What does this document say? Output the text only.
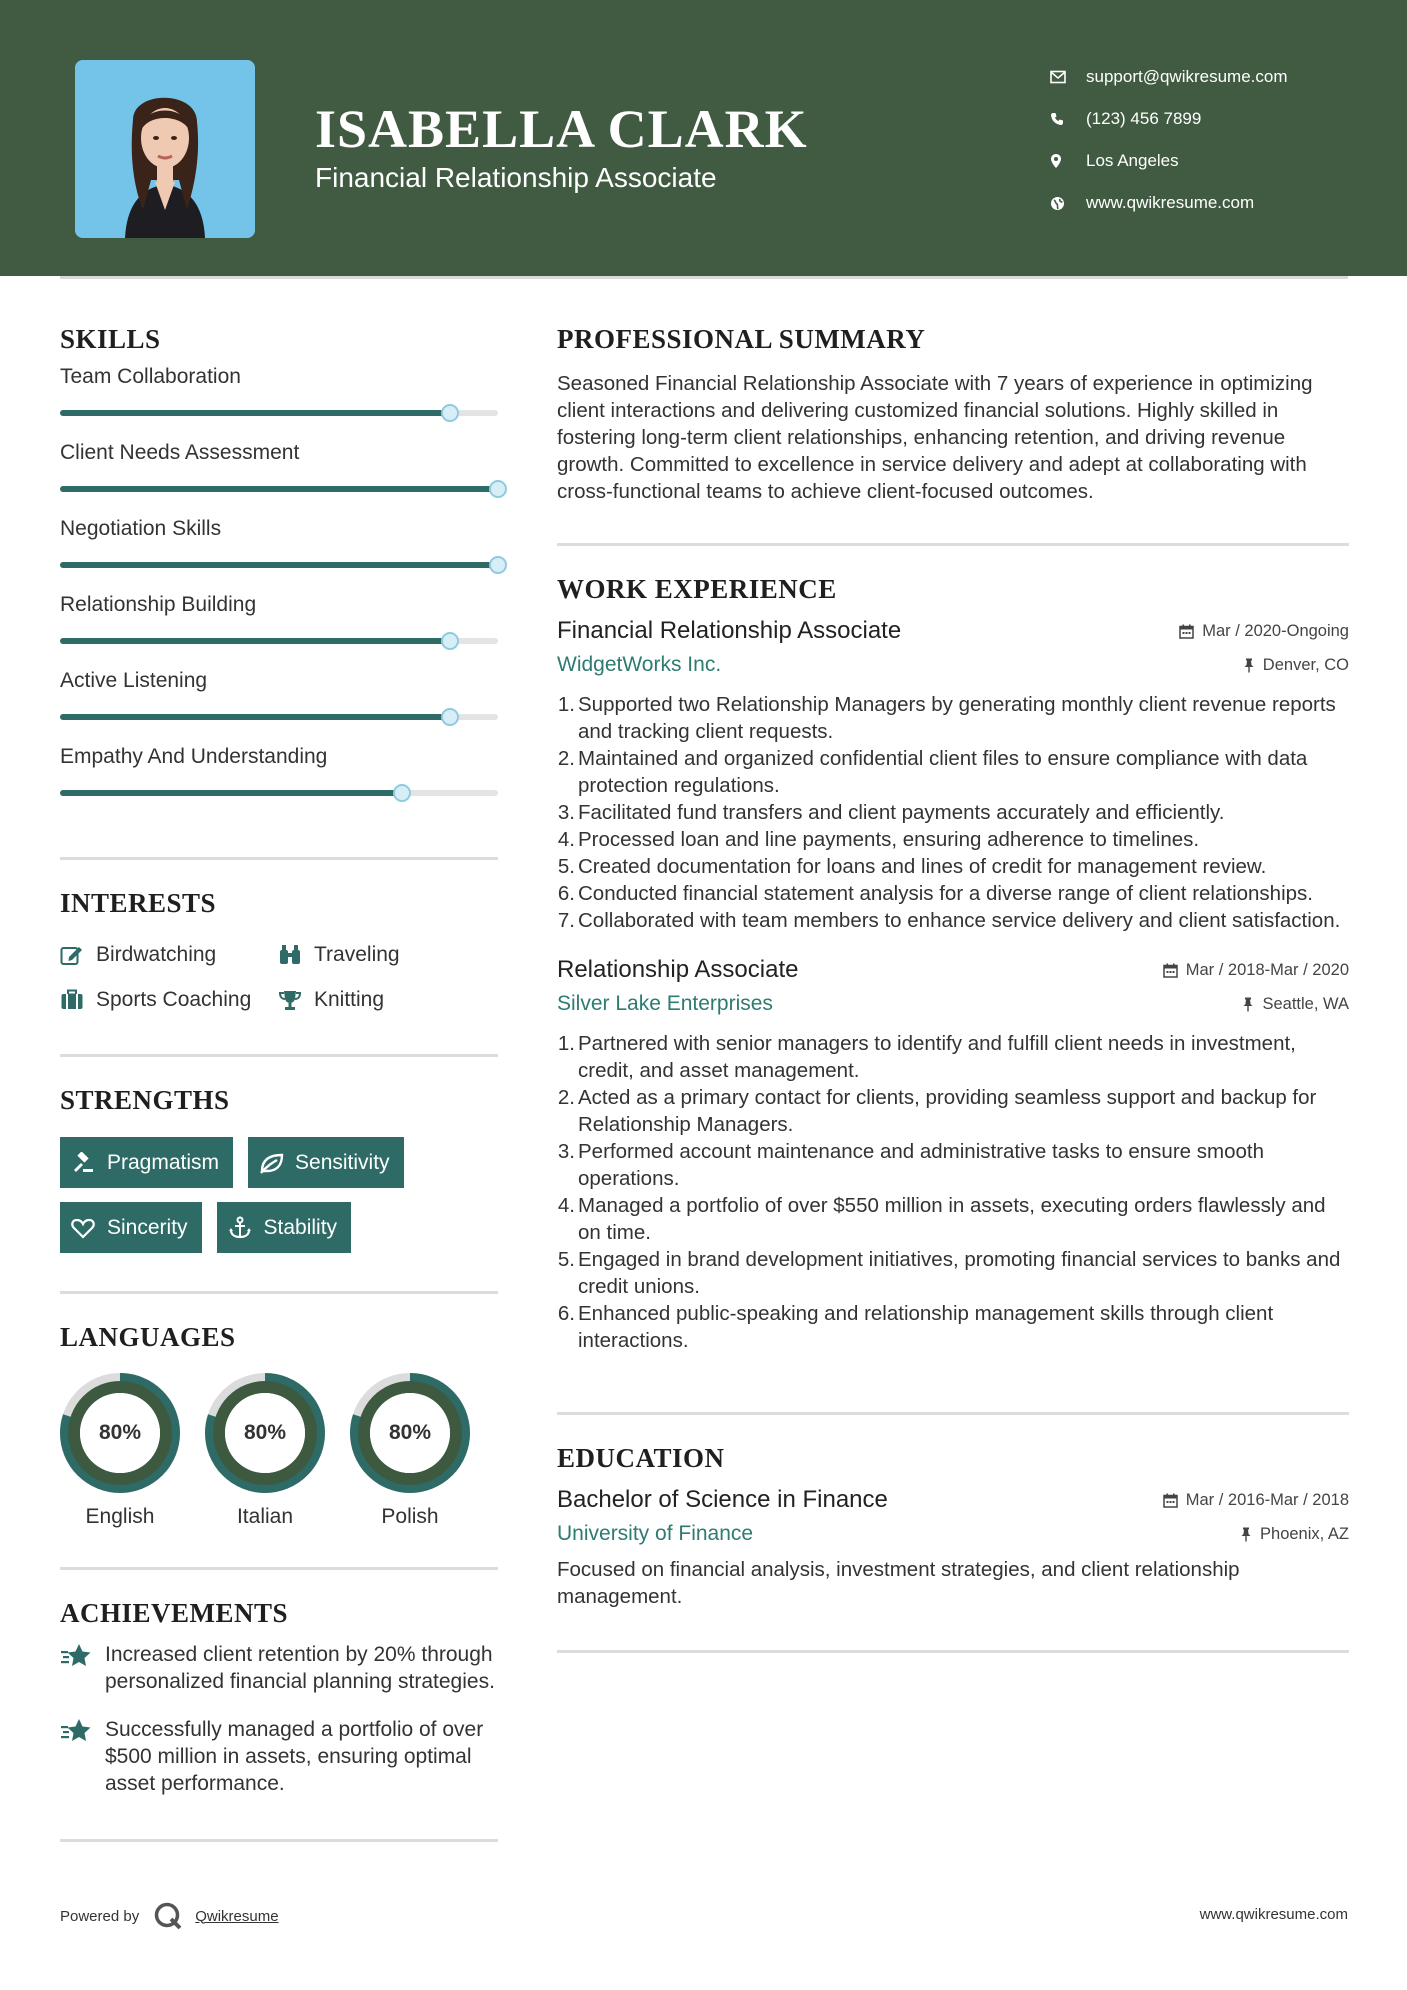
ISABELLA CLARK
Financial Relationship Associate
support@qwikresume.com
(123) 456 7899
Los Angeles
www.qwikresume.com
SKILLS
Team Collaboration
Client Needs Assessment
Negotiation Skills
Relationship Building
Active Listening
Empathy And Understanding
INTERESTS
Birdwatching	Traveling
Sports Coaching	Knitting
STRENGTHS
Pragmatism	Sensitivity
Sincerity	Stability
LANGUAGES
80%
English
80%
Italian
80%
Polish
ACHIEVEMENTS
Increased client retention by 20% through personalized financial planning strategies.
Successfully managed a portfolio of over $500 million in assets, ensuring optimal asset performance.
PROFESSIONAL SUMMARY
Seasoned Financial Relationship Associate with 7 years of experience in optimizing client interactions and delivering customized financial solutions. Highly skilled in fostering long-term client relationships, enhancing retention, and driving revenue growth. Committed to excellence in service delivery and adept at collaborating with cross-functional teams to achieve client-focused outcomes.
WORK EXPERIENCE
Financial Relationship Associate	Mar / 2020-Ongoing
WidgetWorks Inc.	Denver, CO
1. Supported two Relationship Managers by generating monthly client revenue reports and tracking client requests.
2. Maintained and organized confidential client files to ensure compliance with data protection regulations.
3. Facilitated fund transfers and client payments accurately and efficiently.
4. Processed loan and line payments, ensuring adherence to timelines.
5. Created documentation for loans and lines of credit for management review.
6. Conducted financial statement analysis for a diverse range of client relationships.
7. Collaborated with team members to enhance service delivery and client satisfaction.
Relationship Associate	Mar / 2018-Mar / 2020
Silver Lake Enterprises	Seattle, WA
1. Partnered with senior managers to identify and fulfill client needs in investment, credit, and asset management.
2. Acted as a primary contact for clients, providing seamless support and backup for Relationship Managers.
3. Performed account maintenance and administrative tasks to ensure smooth operations.
4. Managed a portfolio of over $550 million in assets, executing orders flawlessly and on time.
5. Engaged in brand development initiatives, promoting financial services to banks and credit unions.
6. Enhanced public-speaking and relationship management skills through client interactions.
EDUCATION
Bachelor of Science in Finance	Mar / 2016-Mar / 2018
University of Finance	Phoenix, AZ
Focused on financial analysis, investment strategies, and client relationship management.
Powered by	Qwikresume	www.qwikresume.com
